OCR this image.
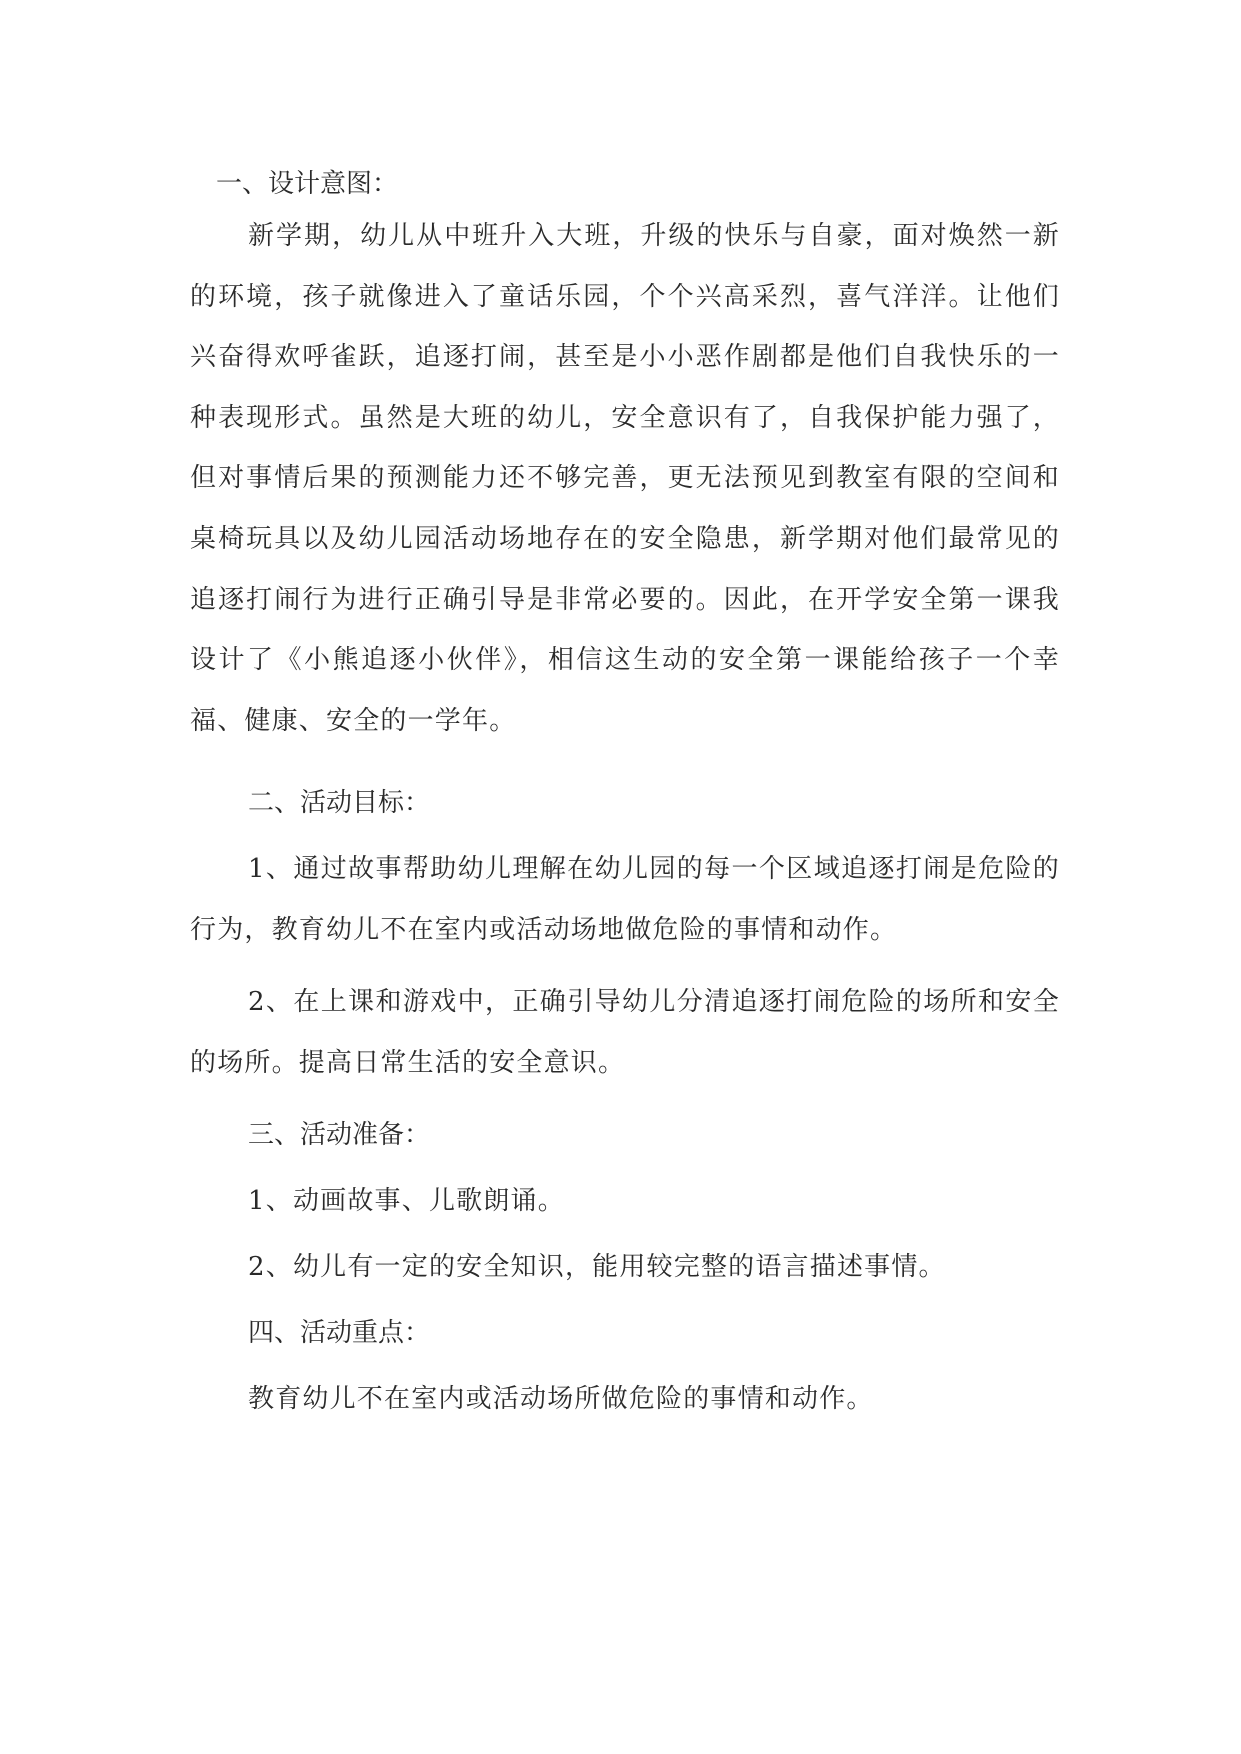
一、设计意图：

新学期，幼儿从中班升入大班，升级的快乐与自豪，面对焕然一新的环境，孩子就像进入了童话乐园，个个兴高采烈，喜气洋洋。让他们兴奋得欢呼雀跃，追逐打闹，甚至是小小恶作剧都是他们自我快乐的一种表现形式。虽然是大班的幼儿，安全意识有了，自我保护能力强了，但对事情后果的预测能力还不够完善，更无法预见到教室有限的空间和桌椅玩具以及幼儿园活动场地存在的安全隐患，新学期对他们最常见的追逐打闹行为进行正确引导是非常必要的。因此，在开学安全第一课我设计了《小熊追逐小伙伴》，相信这生动的安全第一课能给孩子一个幸福、健康、安全的一学年。

二、活动目标：

1、通过故事帮助幼儿理解在幼儿园的每一个区域追逐打闹是危险的行为，教育幼儿不在室内或活动场地做危险的事情和动作。

2、在上课和游戏中，正确引导幼儿分清追逐打闹危险的场所和安全的场所。提高日常生活的安全意识。

三、活动准备：
1、动画故事、儿歌朗诵。
2、幼儿有一定的安全知识，能用较完整的语言描述事情。
四、活动重点：
教育幼儿不在室内或活动场所做危险的事情和动作。
